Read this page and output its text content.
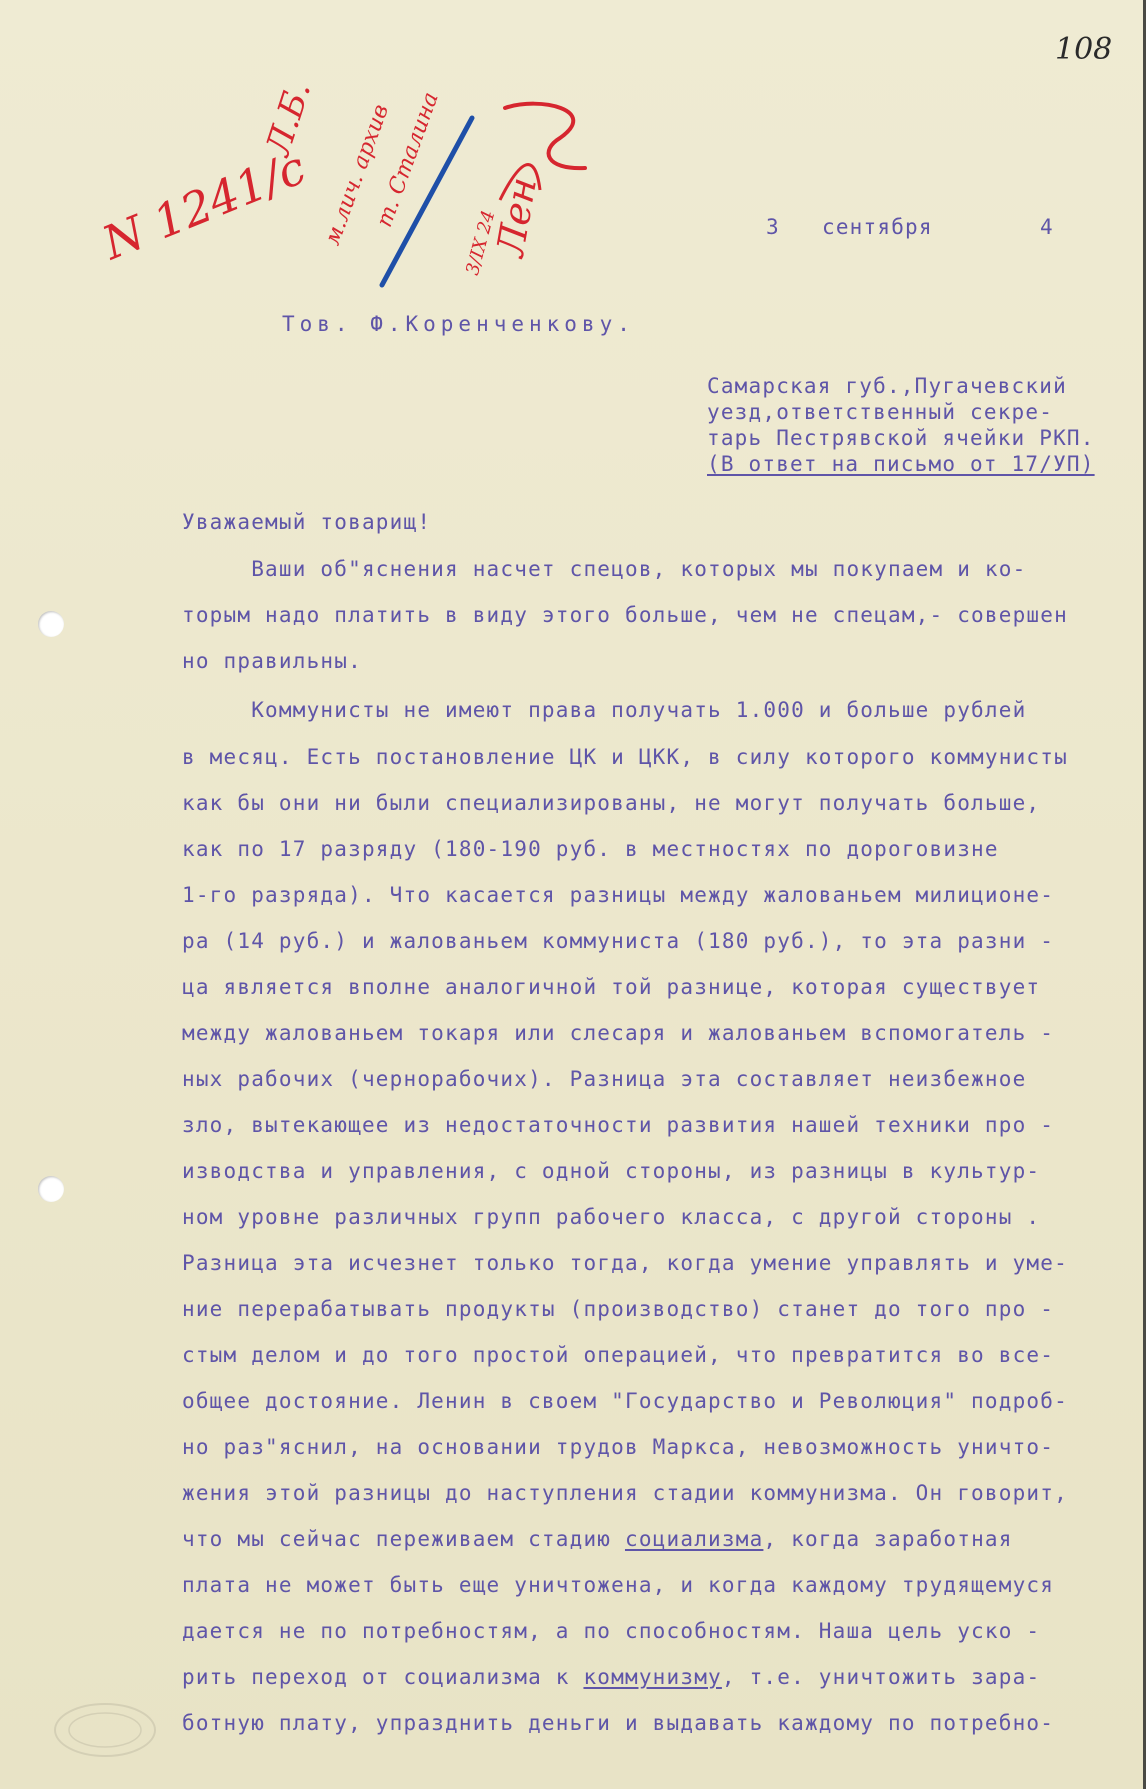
108
N 1241/с
Л.Б. м.лич. архив
т. Сталина Лен
3/IX 24	3 сентября	4
Тов. Ф.Коренченкову.
Самарская губ.,Пугачевский
уезд,ответственный секре-
тарь Пестрявской ячейки РКП.
(В ответ на письмо от 17/УП)
Уважаемый товарищ!
Ваши об"яснения насчет спецов, которых мы покупаем и ко-
торым надо платить в виду этого больше, чем не спецам,- совершен
но правильны.
Коммунисты не имеют права получать 1.000 и больше рублей
в месяц. Есть постановление ЦК и ЦКК, в силу которого коммунисты
как бы они ни были специализированы, не могут получать больше,
как по 17 разряду (180-190 руб. в местностях по дороговизне
1-го разряда). Что касается разницы между жалованьем милиционе-
ра (14 руб.) и жалованьем коммуниста (180 руб.), то эта разни -
ца является вполне аналогичной той разнице, которая существует
между жалованьем токаря или слесаря и жалованьем вспомогатель -
ных рабочих (чернорабочих). Разница эта составляет неизбежное
зло, вытекающее из недостаточности развития нашей техники про -
изводства и управления, с одной стороны, из разницы в культур-
ном уровне различных групп рабочего класса, с другой стороны .
Разница эта исчезнет только тогда, когда умение управлять и уме-
ние перерабатывать продукты (производство) станет до того про -
стым делом и до того простой операцией, что превратится во все-
общее достояние. Ленин в своем "Государство и Революция" подроб-
но раз"яснил, на основании трудов Маркса, невозможность уничто-
жения этой разницы до наступления стадии коммунизма. Он говорит,
что мы сейчас переживаем стадию социализма, когда заработная
плата не может быть еще уничтожена, и когда каждому трудящемуся
дается не по потребностям, а по способностям. Наша цель уско -
рить переход от социализма к коммунизму, т.е. уничтожить зара-
ботную плату, упразднить деньги и выдавать каждому по потребно-
